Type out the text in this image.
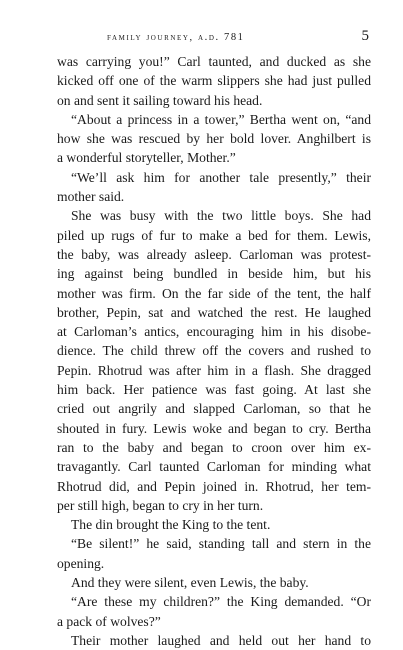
family journey, a.d. 781	5
was carrying you!” Carl taunted, and ducked as she
kicked off one of the warm slippers she had just pulled
on and sent it sailing toward his head.
“About a princess in a tower,” Bertha went on, “and
how she was rescued by her bold lover. Anghilbert is
a wonderful storyteller, Mother.”
“We’ll ask him for another tale presently,” their
mother said.
She was busy with the two little boys. She had
piled up rugs of fur to make a bed for them. Lewis,
the baby, was already asleep. Carloman was protest-
ing against being bundled in beside him, but his
mother was firm. On the far side of the tent, the half
brother, Pepin, sat and watched the rest. He laughed
at Carloman’s antics, encouraging him in his disobe-
dience. The child threw off the covers and rushed to
Pepin. Rhotrud was after him in a flash. She dragged
him back. Her patience was fast going. At last she
cried out angrily and slapped Carloman, so that he
shouted in fury. Lewis woke and began to cry. Bertha
ran to the baby and began to croon over him ex-
travagantly. Carl taunted Carloman for minding what
Rhotrud did, and Pepin joined in. Rhotrud, her tem-
per still high, began to cry in her turn.
The din brought the King to the tent.
“Be silent!” he said, standing tall and stern in the
opening.
And they were silent, even Lewis, the baby.
“Are these my children?” the King demanded. “Or
a pack of wolves?”
Their mother laughed and held out her hand to
